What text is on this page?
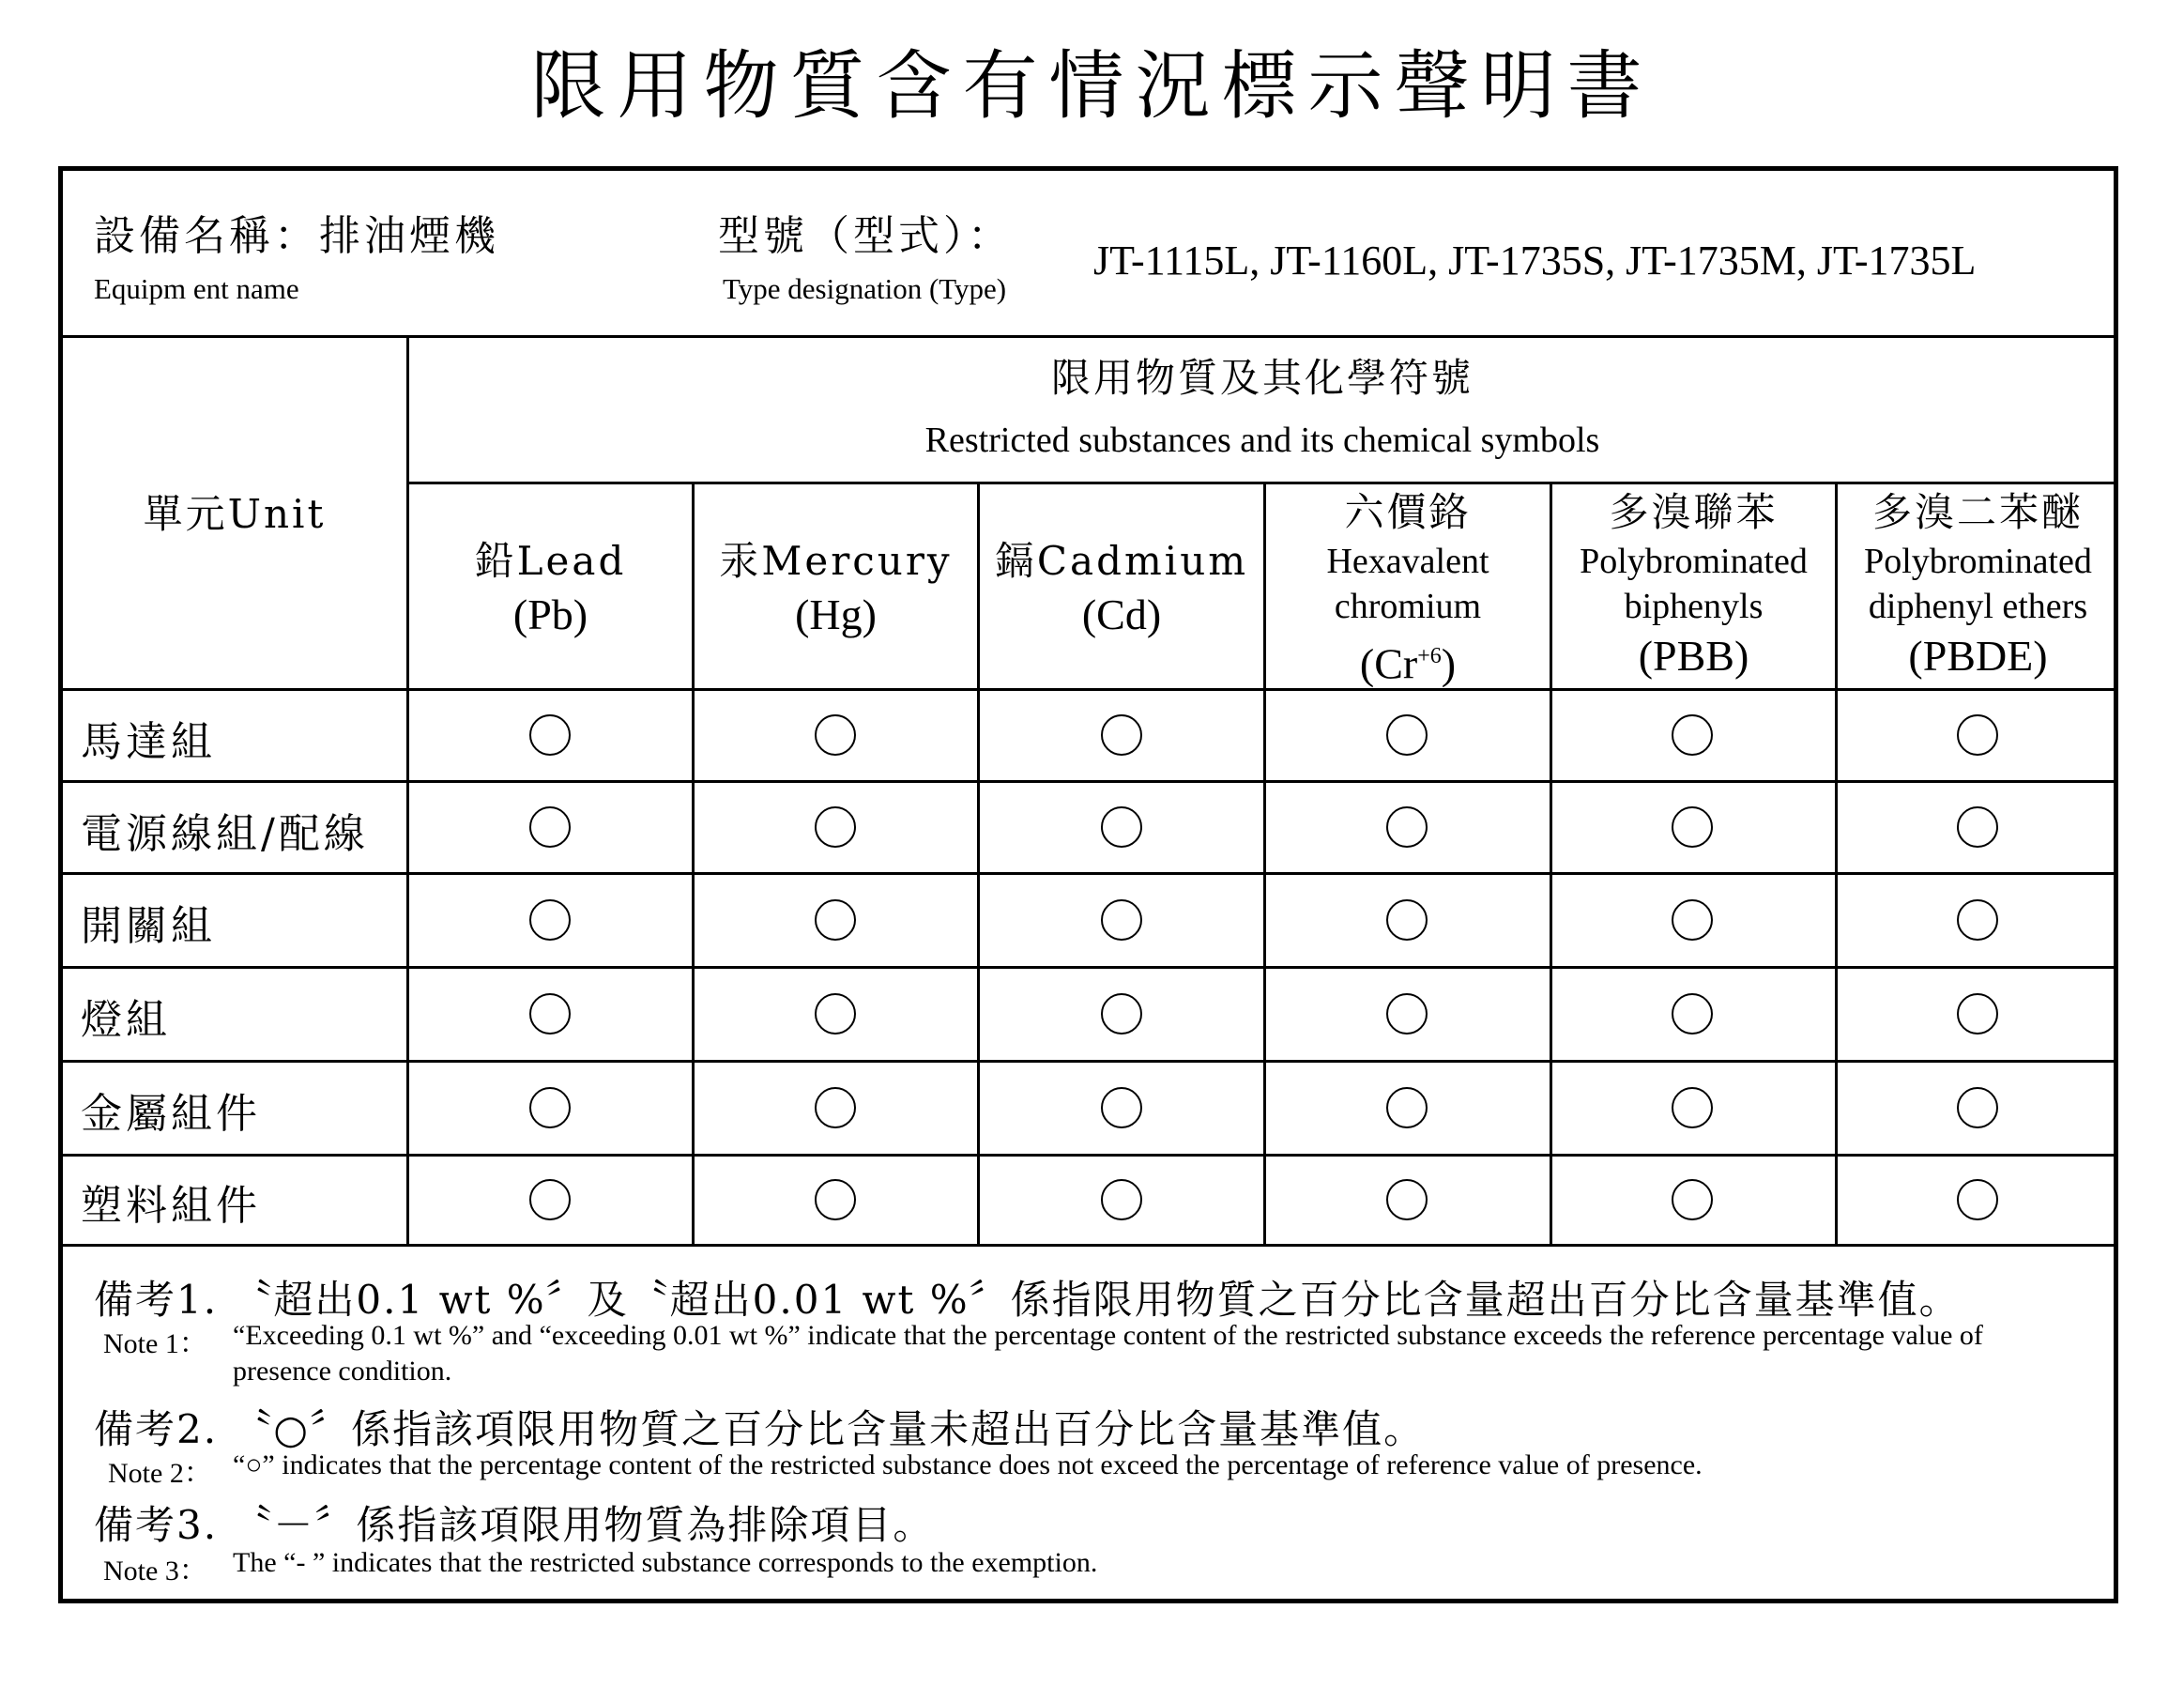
限用物質含有情況標示聲明書
設備名稱：排油煙機
Equipm ent name
型號（型式）：
Type designation (Type)
JT-1115L, JT-1160L, JT-1735S, JT-1735M, JT-1735L
單元Unit
限用物質及其化學符號
Restricted substances and its chemical symbols
鉛Lead
(Pb)
汞Mercury
(Hg)
鎘Cadmium
(Cd)
六價鉻
Hexavalent
chromium
$(Cr^{+6})$
多溴聯苯
Polybrominated
biphenyls
(PBB)
多溴二苯醚
Polybrominated
diphenyl ethers
(PBDE)
馬達組
電源線組/配線
開關組
燈組
金屬組件
塑料組件
備考1. 〝超出0.1 wt %〞及〝超出0.01 wt %〞係指限用物質之百分比含量超出百分比含量基準值。
Note 1： “Exceeding 0.1 wt %” and “exceeding 0.01 wt %” indicate that the percentage content of the restricted substance exceeds the reference percentage value of presence condition.
備考2. 〝○〞係指該項限用物質之百分比含量未超出百分比含量基準值。
Note 2： “○” indicates that the percentage content of the restricted substance does not exceed the percentage of reference value of presence.
備考3. 〝－〞係指該項限用物質為排除項目。
Note 3： The “- ” indicates that the restricted substance corresponds to the exemption.
